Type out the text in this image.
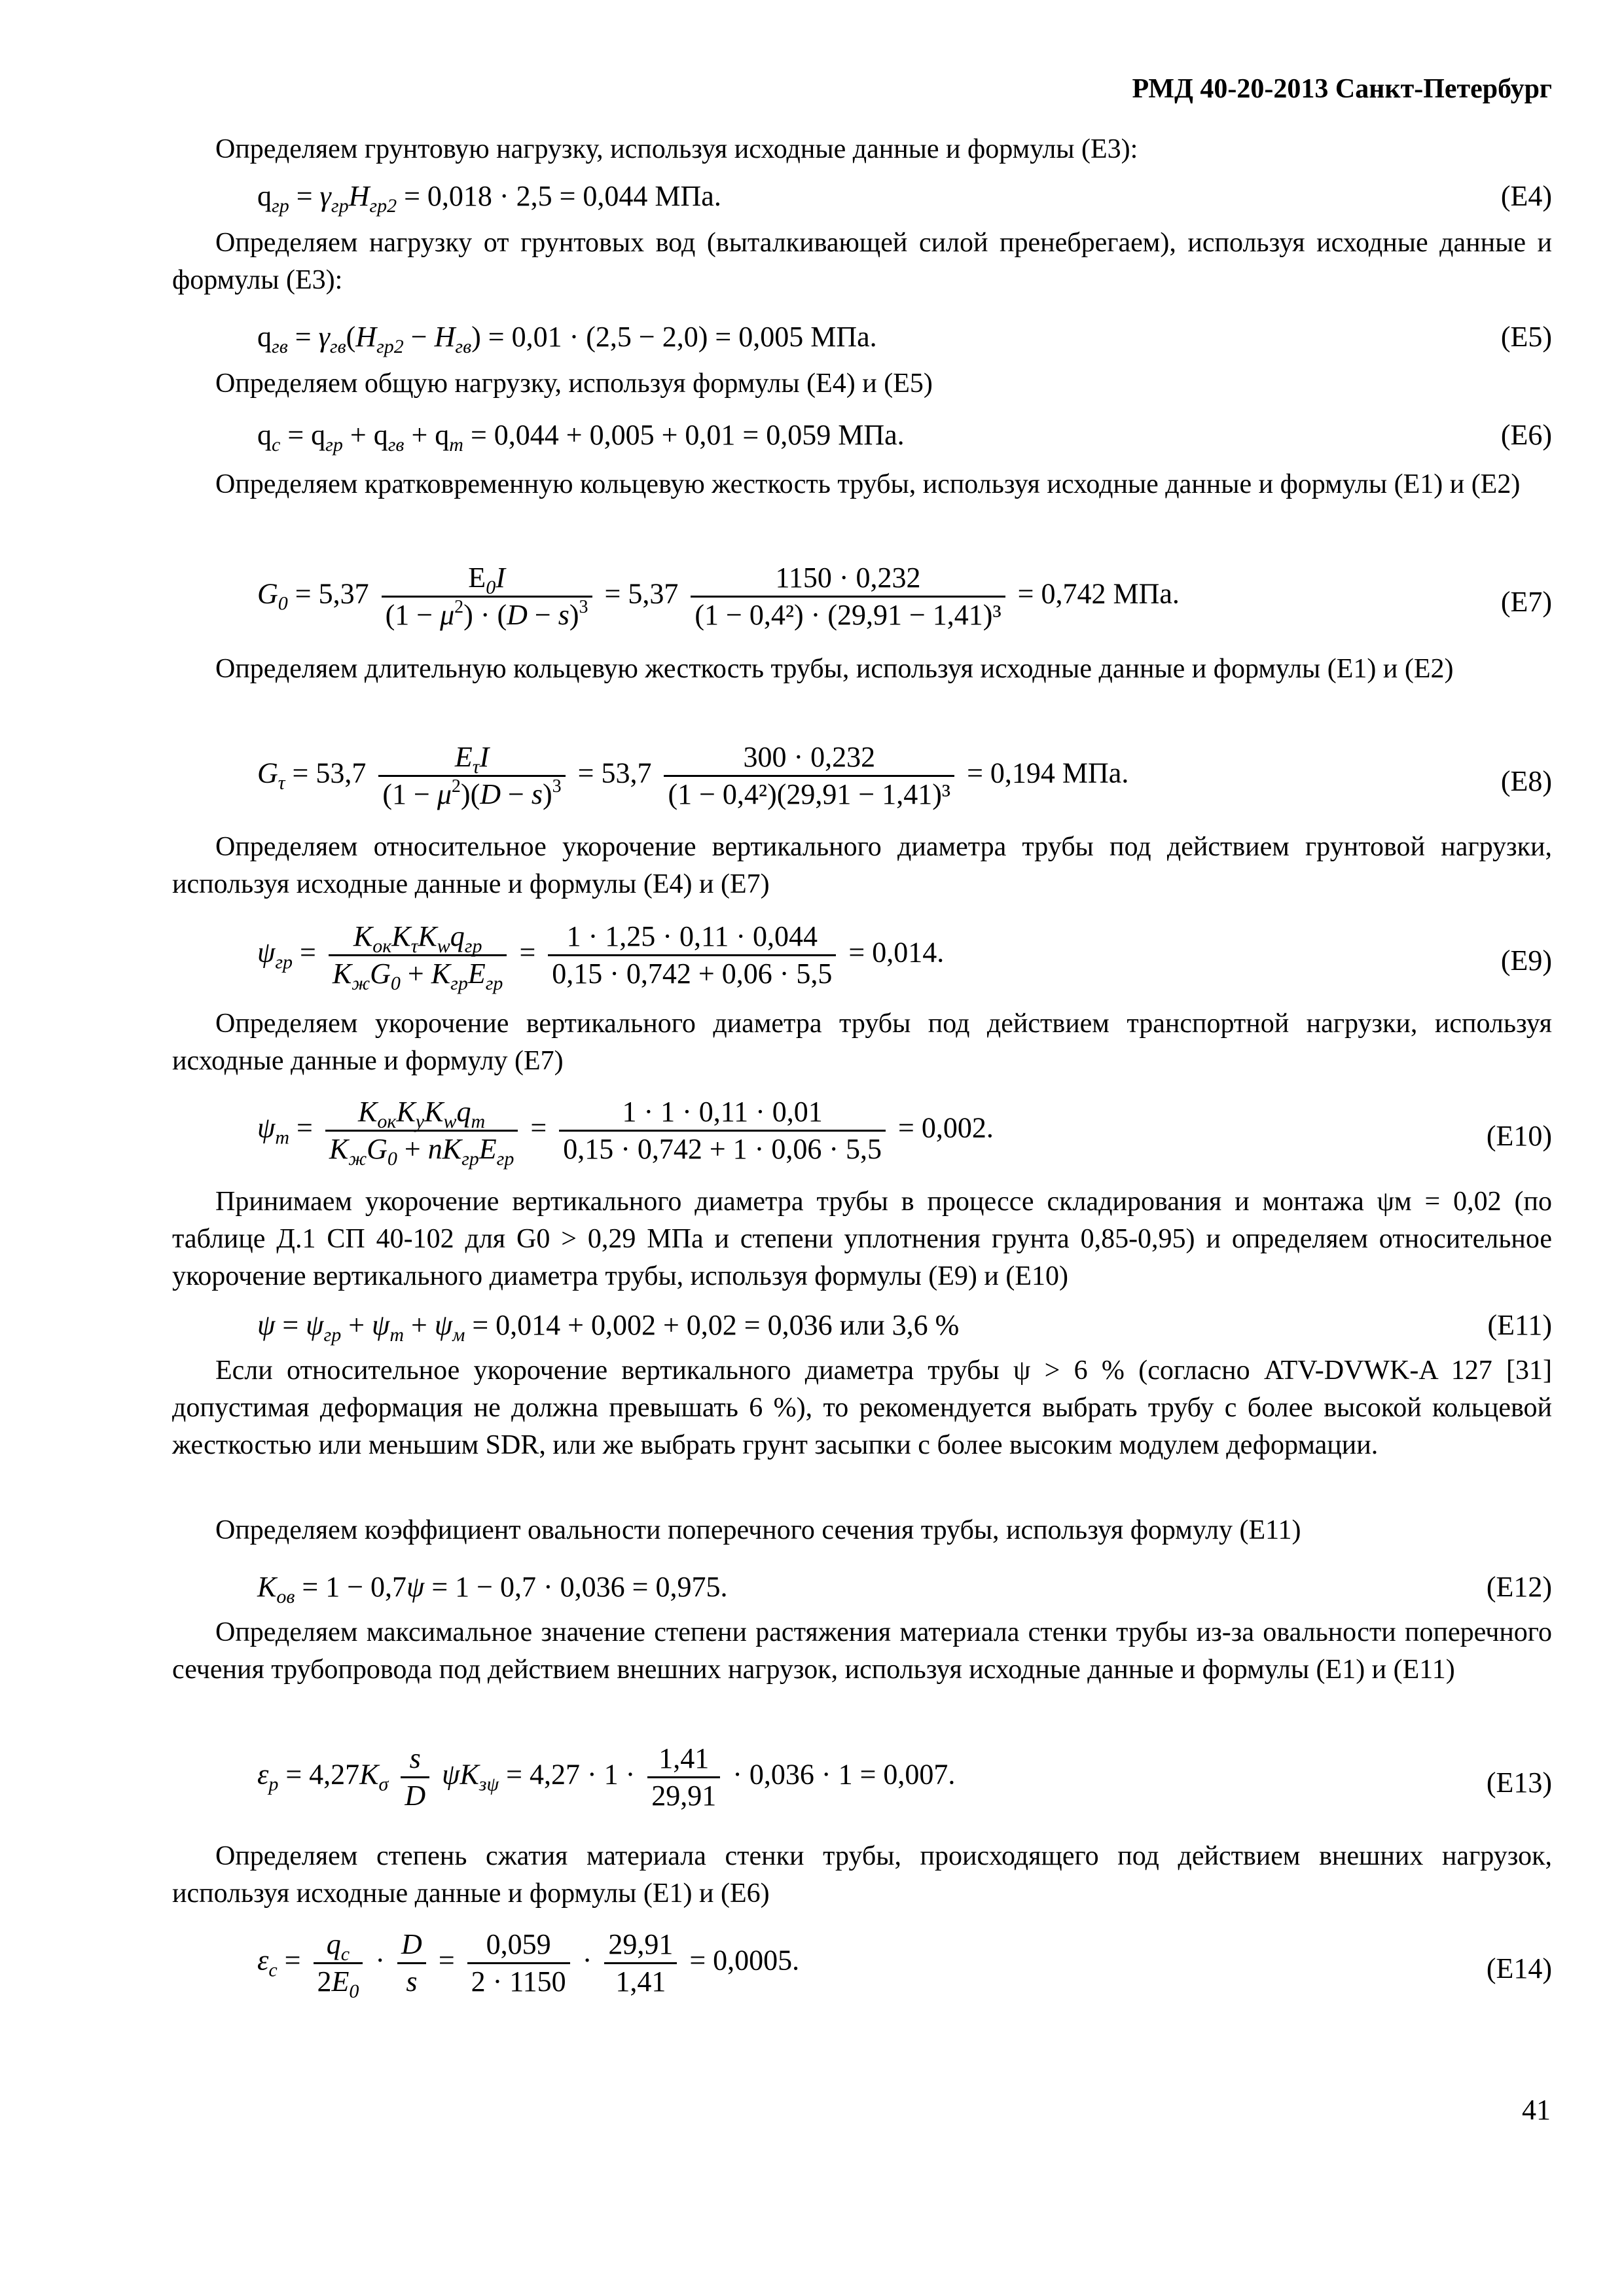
РМД 40-20-2013 Санкт-Петербург

Определяем грунтовую нагрузку, используя исходные данные и формулы (Е3):

$q_{гр} = \gamma_{гр}H_{гр2} = 0,018 \cdot 2,5 = 0,044$ МПа.	(Е4)

Определяем нагрузку от грунтовых вод (выталкивающей силой пренебрегаем), используя исходные данные и формулы (Е3):

$q_{гв} = \gamma_{гв}(H_{гр2} - H_{гв}) = 0,01 \cdot (2,5 - 2,0) = 0,005$ МПа.	(Е5)

Определяем общую нагрузку, используя формулы (Е4) и (Е5)

$q_c = q_{гр} + q_{гв} + q_т = 0,044 + 0,005 + 0,01 = 0,059$ МПа.	(Е6)

Определяем кратковременную кольцевую жесткость трубы, используя исходные данные и формулы (Е1) и (Е2)

$G_0 = 5,37 \frac{E_0I}{(1 - \mu^2) \cdot (D - s)^3} = 5,37 \frac{1150 \cdot 0,232}{\text{(1 − 0,4²) · (29,91 − 1,41)³}} = 0,742$ МПа.	(Е7)

Определяем длительную кольцевую жесткость трубы, используя исходные данные и формулы (Е1) и (Е2)

$G_\tau = 53,7 \frac{E_\tau I}{(1 - \mu^2)(D - s)^3} = 53,7 \frac{300 \cdot 0,232}{\text{(1 − 0,4²)(29,91 − 1,41)³}} = 0,194$ МПа.	(Е8)

Определяем относительное укорочение вертикального диаметра трубы под действием грунтовой нагрузки, используя исходные данные и формулы (Е4) и (Е7)

$\psi_{гр} = \frac{K_{ок}K_\tau K_wq_{гр}}{K_жG_0 + K_{гр}E_{гр}} = \frac{1 \cdot 1,25 \cdot 0,11 \cdot 0,044}{0,15 \cdot 0,742 + 0,06 \cdot 5,5} = 0,014$.	(Е9)

Определяем укорочение вертикального диаметра трубы под действием транспортной нагрузки, используя исходные данные и формулу (Е7)

$\psi_т = \frac{K_{ок}K_уK_wq_т}{K_жG_0 + nK_{гр}E_{гр}} = \frac{1 \cdot 1 \cdot 0,11 \cdot 0,01}{0,15 \cdot 0,742 + 1 \cdot 0,06 \cdot 5,5} = 0,002$.	(Е10)

Принимаем укорочение вертикального диаметра трубы в процессе складирования и монтажа ψм = 0,02 (по таблице Д.1 СП 40-102 для G0 > 0,29 МПа и степени уплотнения грунта 0,85-0,95) и определяем относительное укорочение вертикального диаметра трубы, используя формулы (Е9) и (Е10)

$\psi = \psi_{гр} + \psi_т + \psi_м = 0,014 + 0,002 + 0,02 = 0,036$ или 3,6 %	(Е11)

Если относительное укорочение вертикального диаметра трубы ψ > 6 % (согласно ATV-DVWK-A 127 [31] допустимая деформация не должна превышать 6 %), то рекомендуется выбрать трубу с более высокой кольцевой жесткостью или меньшим SDR, или же выбрать грунт засыпки с более высоким модулем деформации.

Определяем коэффициент овальности поперечного сечения трубы, используя формулу (Е11)

$K_{ов} = 1 - 0,7\psi = 1 - 0,7 \cdot 0,036 = 0,975$.	(Е12)

Определяем максимальное значение степени растяжения материала стенки трубы из-за овальности поперечного сечения трубопровода под действием внешних нагрузок, используя исходные данные и формулы (Е1) и (Е11)

$\varepsilon_р = 4,27K_\sigma \frac{s}{D} \psi K_{з\psi} = 4,27 \cdot 1 \cdot \frac{1,41}{29,91} \cdot 0,036 \cdot 1 = 0,007$.	(Е13)

Определяем степень сжатия материала стенки трубы, происходящего под действием внешних нагрузок, используя исходные данные и формулы (Е1) и (Е6)

$\varepsilon_с = \frac{q_с}{2E_0} \cdot \frac{D}{s} = \frac{0,059}{2 \cdot 1150} \cdot \frac{29,91}{1,41} = 0,0005$.	(Е14)
41
